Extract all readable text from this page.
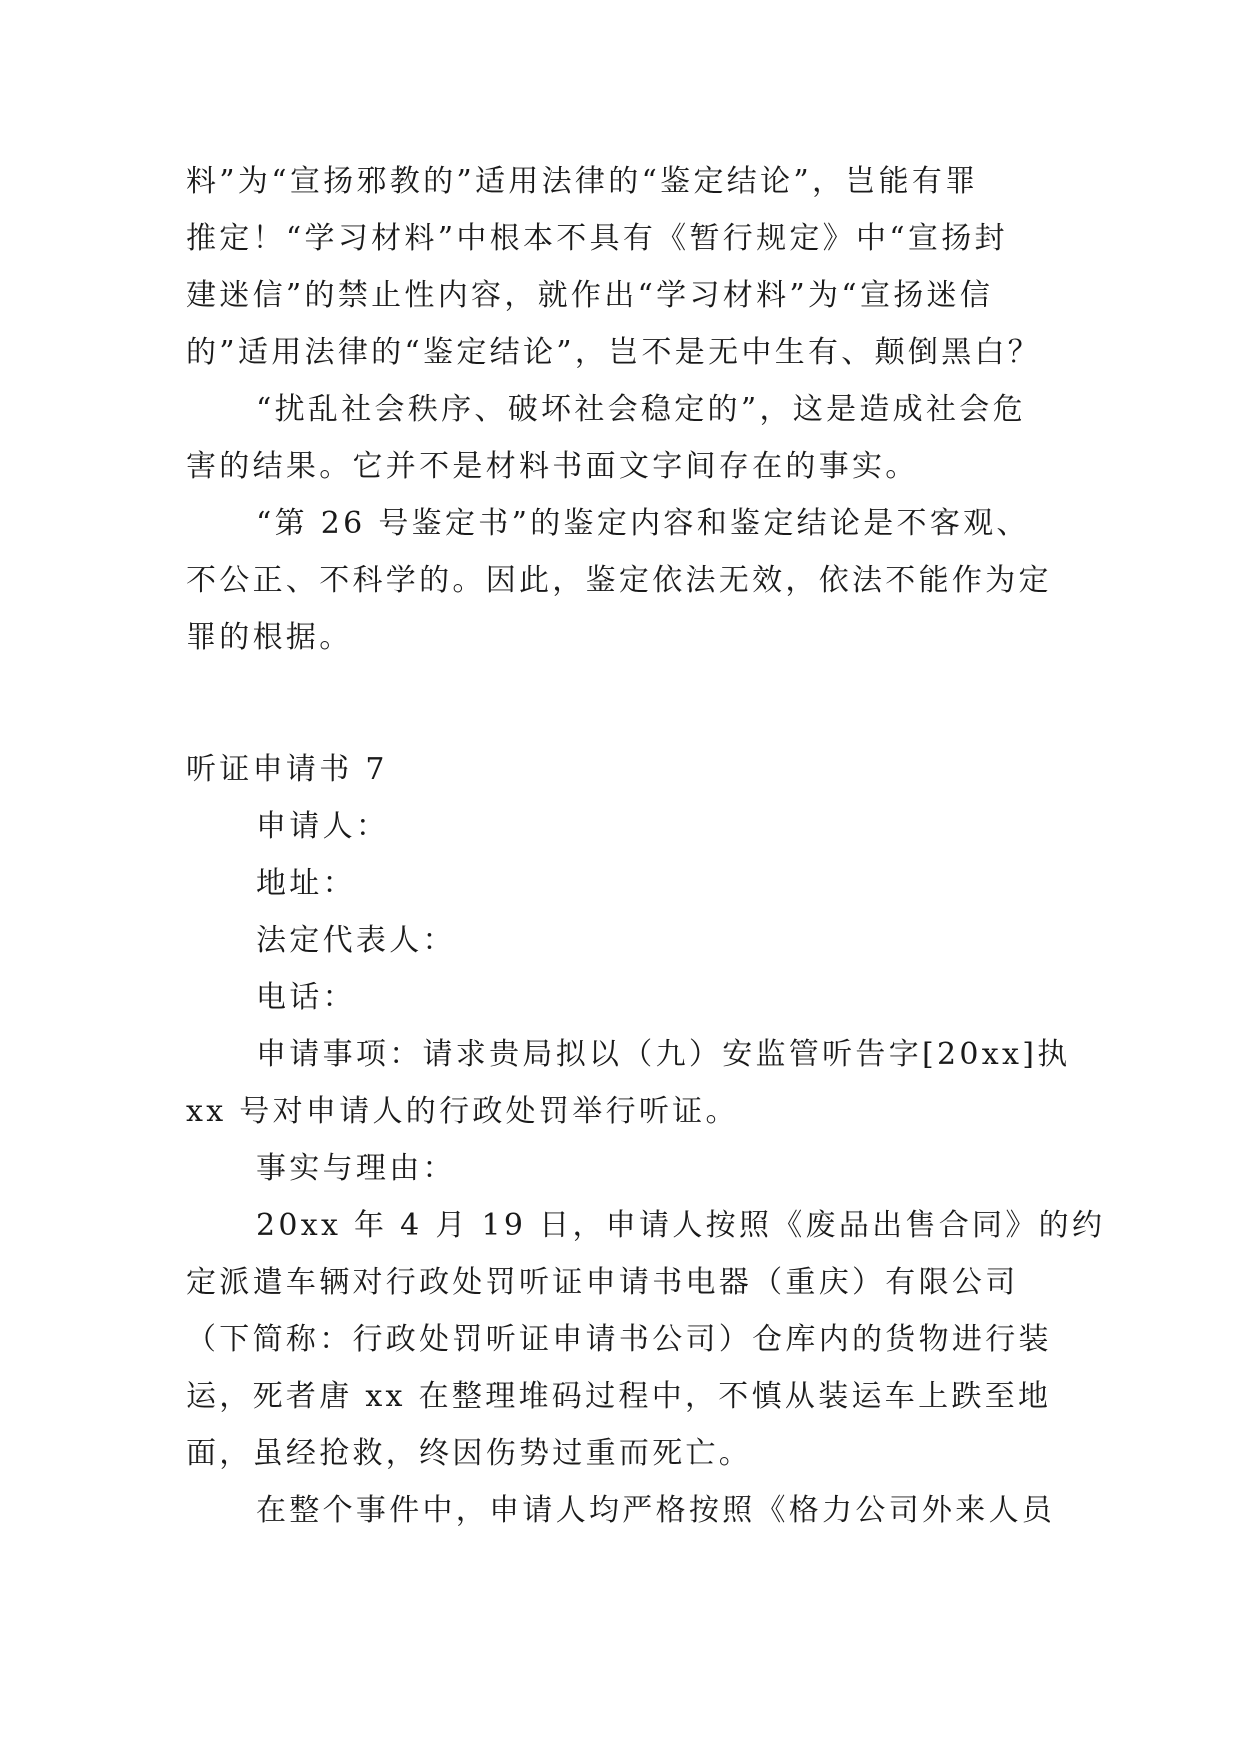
料”为“宣扬邪教的”适用法律的“鉴定结论”，岂能有罪
推定！“学习材料”中根本不具有《暂行规定》中“宣扬封
建迷信”的禁止性内容，就作出“学习材料”为“宣扬迷信
的”适用法律的“鉴定结论”，岂不是无中生有、颠倒黑白？
“扰乱社会秩序、破坏社会稳定的”，这是造成社会危
害的结果。它并不是材料书面文字间存在的事实。
“第 26 号鉴定书”的鉴定内容和鉴定结论是不客观、
不公正、不科学的。因此，鉴定依法无效，依法不能作为定
罪的根据。
听证申请书 7
申请人：
地址：
法定代表人：
电话：
申请事项：请求贵局拟以（九）安监管听告字[20xx]执
xx 号对申请人的行政处罚举行听证。
事实与理由：
20xx 年 4 月 19 日，申请人按照《废品出售合同》的约
定派遣车辆对行政处罚听证申请书电器（重庆）有限公司
（下简称：行政处罚听证申请书公司）仓库内的货物进行装
运，死者唐 xx 在整理堆码过程中，不慎从装运车上跌至地
面，虽经抢救，终因伤势过重而死亡。
在整个事件中，申请人均严格按照《格力公司外来人员
